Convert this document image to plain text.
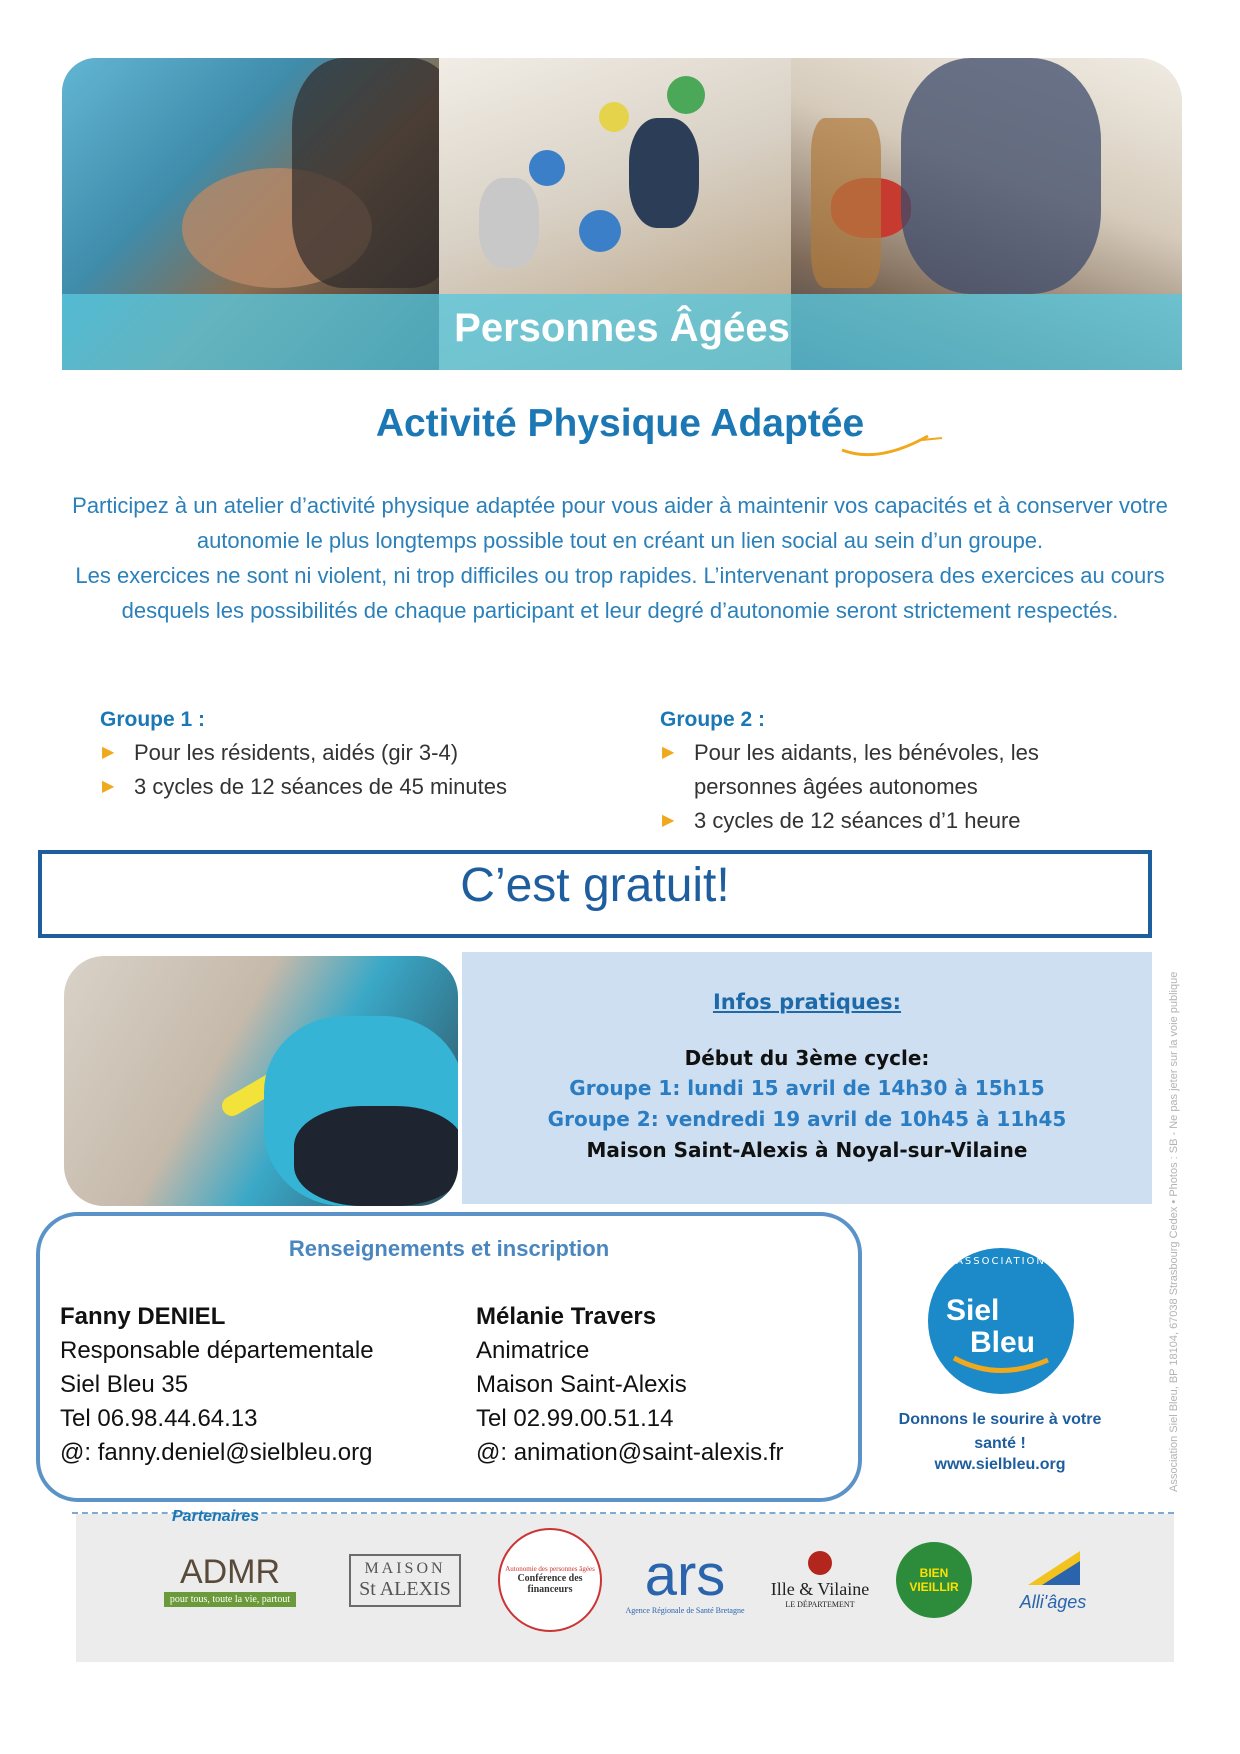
Personnes Âgées
Activité Physique Adaptée
Participez à un atelier d’activité physique adaptée pour vous aider à maintenir vos capacités et à conserver votre autonomie le plus longtemps possible tout en créant un lien social au sein d’un groupe.
Les exercices ne sont ni violent, ni trop difficiles ou trop rapides. L’intervenant proposera des exercices au cours desquels les possibilités de chaque participant et leur degré d’autonomie seront strictement respectés.
Groupe 1 :
▶ Pour les résidents, aidés (gir 3-4)
▶ 3 cycles de 12 séances de 45 minutes
Groupe 2 :
▶ Pour les aidants, les bénévoles, les personnes âgées autonomes
▶ 3 cycles de 12 séances d’1 heure
C’est gratuit!
Infos pratiques:
Début du 3ème cycle:
Groupe 1: lundi 15 avril de 14h30 à 15h15
Groupe 2: vendredi 19 avril de 10h45 à 11h45
Maison Saint-Alexis à Noyal-sur-Vilaine
Renseignements et inscription
Fanny DENIEL
Responsable départementale
Siel Bleu 35
Tel 06.98.44.64.13
@: fanny.deniel@sielbleu.org
Mélanie Travers
Animatrice
Maison Saint-Alexis
Tel 02.99.00.51.14
@: animation@saint-alexis.fr
ASSOCIATION
Siel
Bleu
Donnons le sourire à votre santé !
www.sielbleu.org	Association Siel Bleu, BP 18104, 67038 Strasbourg Cedex • Photos : SB - Ne pas jeter sur la voie publique
Partenaires
ADMR
pour tous, toute la vie, partout
MAISON
St ALEXIS
Autonomie des personnes âgées
Conférence des financeurs	ars
Agence Régionale de Santé Bretagne
Ille & Vilaine
LE DÉPARTEMENT
BIEN VIEILLIR
Alli'âges
